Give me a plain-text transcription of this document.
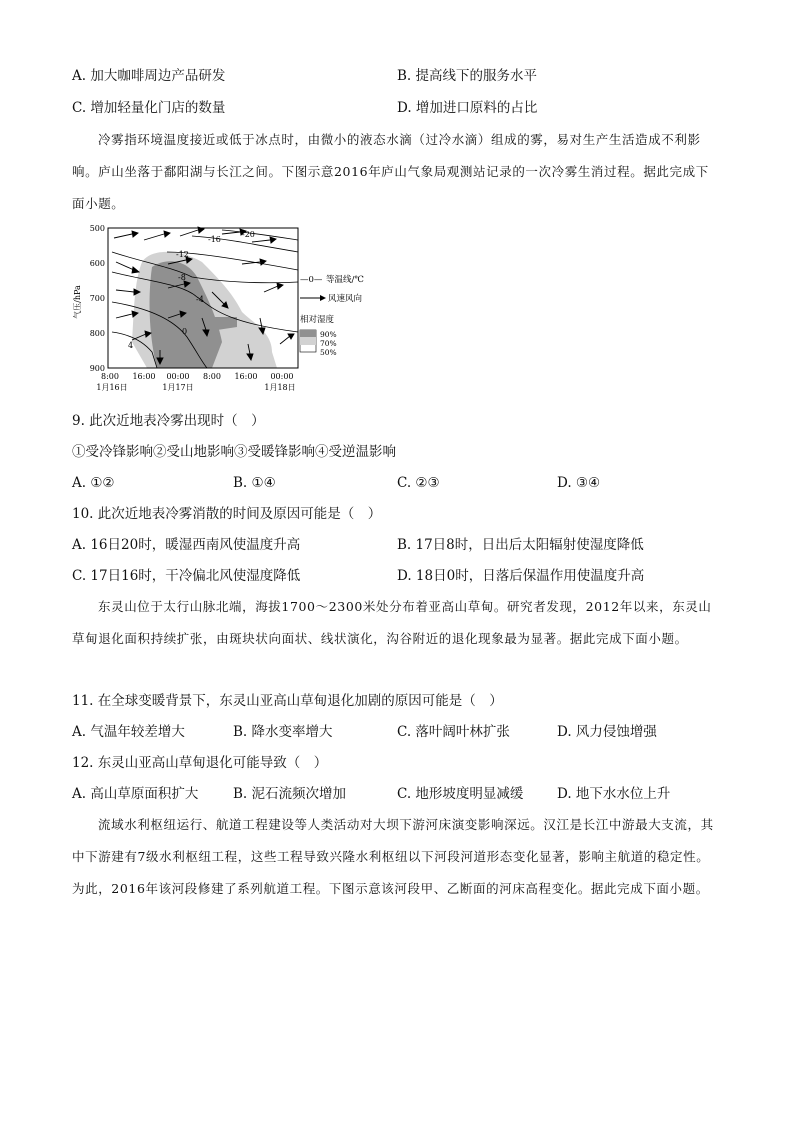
A. 加大咖啡周边产品研发	B. 提高线下的服务水平
C. 增加轻量化门店的数量	D. 增加进口原料的占比
冷雾指环境温度接近或低于冰点时，由微小的液态水滴（过冷水滴）组成的雾，易对生产生活造成不利影响。庐山坐落于鄱阳湖与长江之间。下图示意2016年庐山气象局观测站记录的一次冷雾生消过程。据此完成下面小题。
-20
-16
-12
-8
-4
0
4
500
600
700
800
900
气压/hPa
8:00 16:00 00:00 8:00 16:00 00:00
1月16日	1月17日	1月18日
—0— 等温线/℃
风速风向
相对湿度
90%
70%
50%
9. 此次近地表冷雾出现时（　）
①受冷锋影响②受山地影响③受暖锋影响④受逆温影响
A. ①②	B. ①④	C. ②③	D. ③④
10. 此次近地表冷雾消散的时间及原因可能是（　）
A. 16日20时，暖湿西南风使温度升高	B. 17日8时，日出后太阳辐射使湿度降低
C. 17日16时，干冷偏北风使湿度降低	D. 18日0时，日落后保温作用使温度升高
东灵山位于太行山脉北端，海拔1700～2300米处分布着亚高山草甸。研究者发现，2012年以来，东灵山草甸退化面积持续扩张，由斑块状向面状、线状演化，沟谷附近的退化现象最为显著。据此完成下面小题。
11. 在全球变暖背景下，东灵山亚高山草甸退化加剧的原因可能是（　）
A. 气温年较差增大	B. 降水变率增大	C. 落叶阔叶林扩张	D. 风力侵蚀增强
12. 东灵山亚高山草甸退化可能导致（　）
A. 高山草原面积扩大	B. 泥石流频次增加	C. 地形坡度明显减缓 D. 地下水水位上升
流域水利枢纽运行、航道工程建设等人类活动对大坝下游河床演变影响深远。汉江是长江中游最大支流，其中下游建有7级水利枢纽工程，这些工程导致兴隆水利枢纽以下河段河道形态变化显著，影响主航道的稳定性。为此，2016年该河段修建了系列航道工程。下图示意该河段甲、乙断面的河床高程变化。据此完成下面小题。
